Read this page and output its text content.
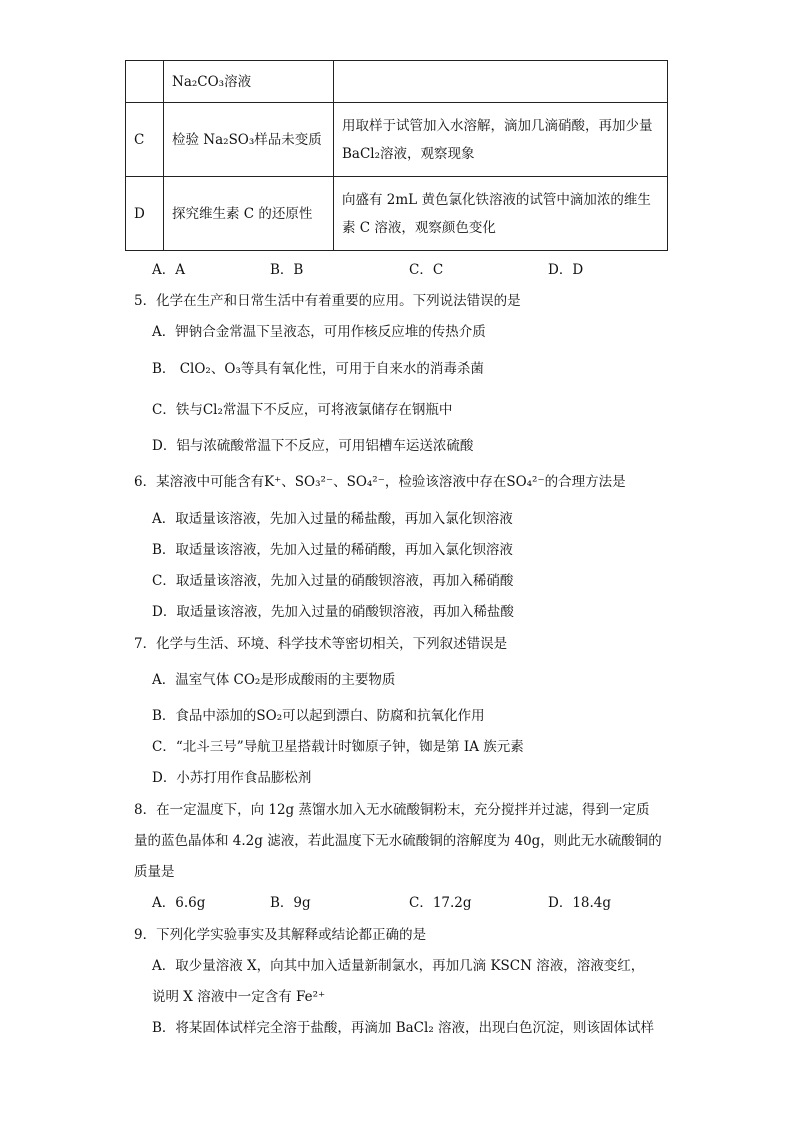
	Na₂CO₃溶液	
C	检验 Na₂SO₃样品未变质	用取样于试管加入水溶解，滴加几滴硝酸，再加少量
BaCl₂溶液，观察现象

D	探究维生素 C 的还原性	向盛有 2mL 黄色氯化铁溶液的试管中滴加浓的维生
素 C 溶液，观察颜色变化
A．A	B．B	C．C	D．D
5．化学在生产和日常生活中有着重要的应用。下列说法错误的是
A．钾钠合金常温下呈液态，可用作核反应堆的传热介质
B． ClO₂、O₃等具有氧化性，可用于自来水的消毒杀菌
C．铁与Cl₂常温下不反应，可将液氯储存在钢瓶中
D．铝与浓硫酸常温下不反应，可用铝槽车运送浓硫酸
6．某溶液中可能含有K⁺、SO₃²⁻、SO₄²⁻，检验该溶液中存在SO₄²⁻的合理方法是
A．取适量该溶液，先加入过量的稀盐酸，再加入氯化钡溶液
B．取适量该溶液，先加入过量的稀硝酸，再加入氯化钡溶液
C．取适量该溶液，先加入过量的硝酸钡溶液，再加入稀硝酸
D．取适量该溶液，先加入过量的硝酸钡溶液，再加入稀盐酸
7．化学与生活、环境、科学技术等密切相关，下列叙述错误是
A．温室气体 CO₂是形成酸雨的主要物质
B．食品中添加的SO₂可以起到漂白、防腐和抗氧化作用
C．“北斗三号”导航卫星搭载计时铷原子钟，铷是第 IA 族元素
D．小苏打用作食品膨松剂
8．在一定温度下，向 12g 蒸馏水加入无水硫酸铜粉末，充分搅拌并过滤，得到一定质
量的蓝色晶体和 4.2g 滤液，若此温度下无水硫酸铜的溶解度为 40g，则此无水硫酸铜的
质量是
A．6.6g	B．9g	C．17.2g	D．18.4g
9．下列化学实验事实及其解释或结论都正确的是
A．取少量溶液 X，向其中加入适量新制氯水，再加几滴 KSCN 溶液，溶液变红，
说明 X 溶液中一定含有 Fe²⁺
B．将某固体试样完全溶于盐酸，再滴加 BaCl₂ 溶液，出现白色沉淀，则该固体试样
